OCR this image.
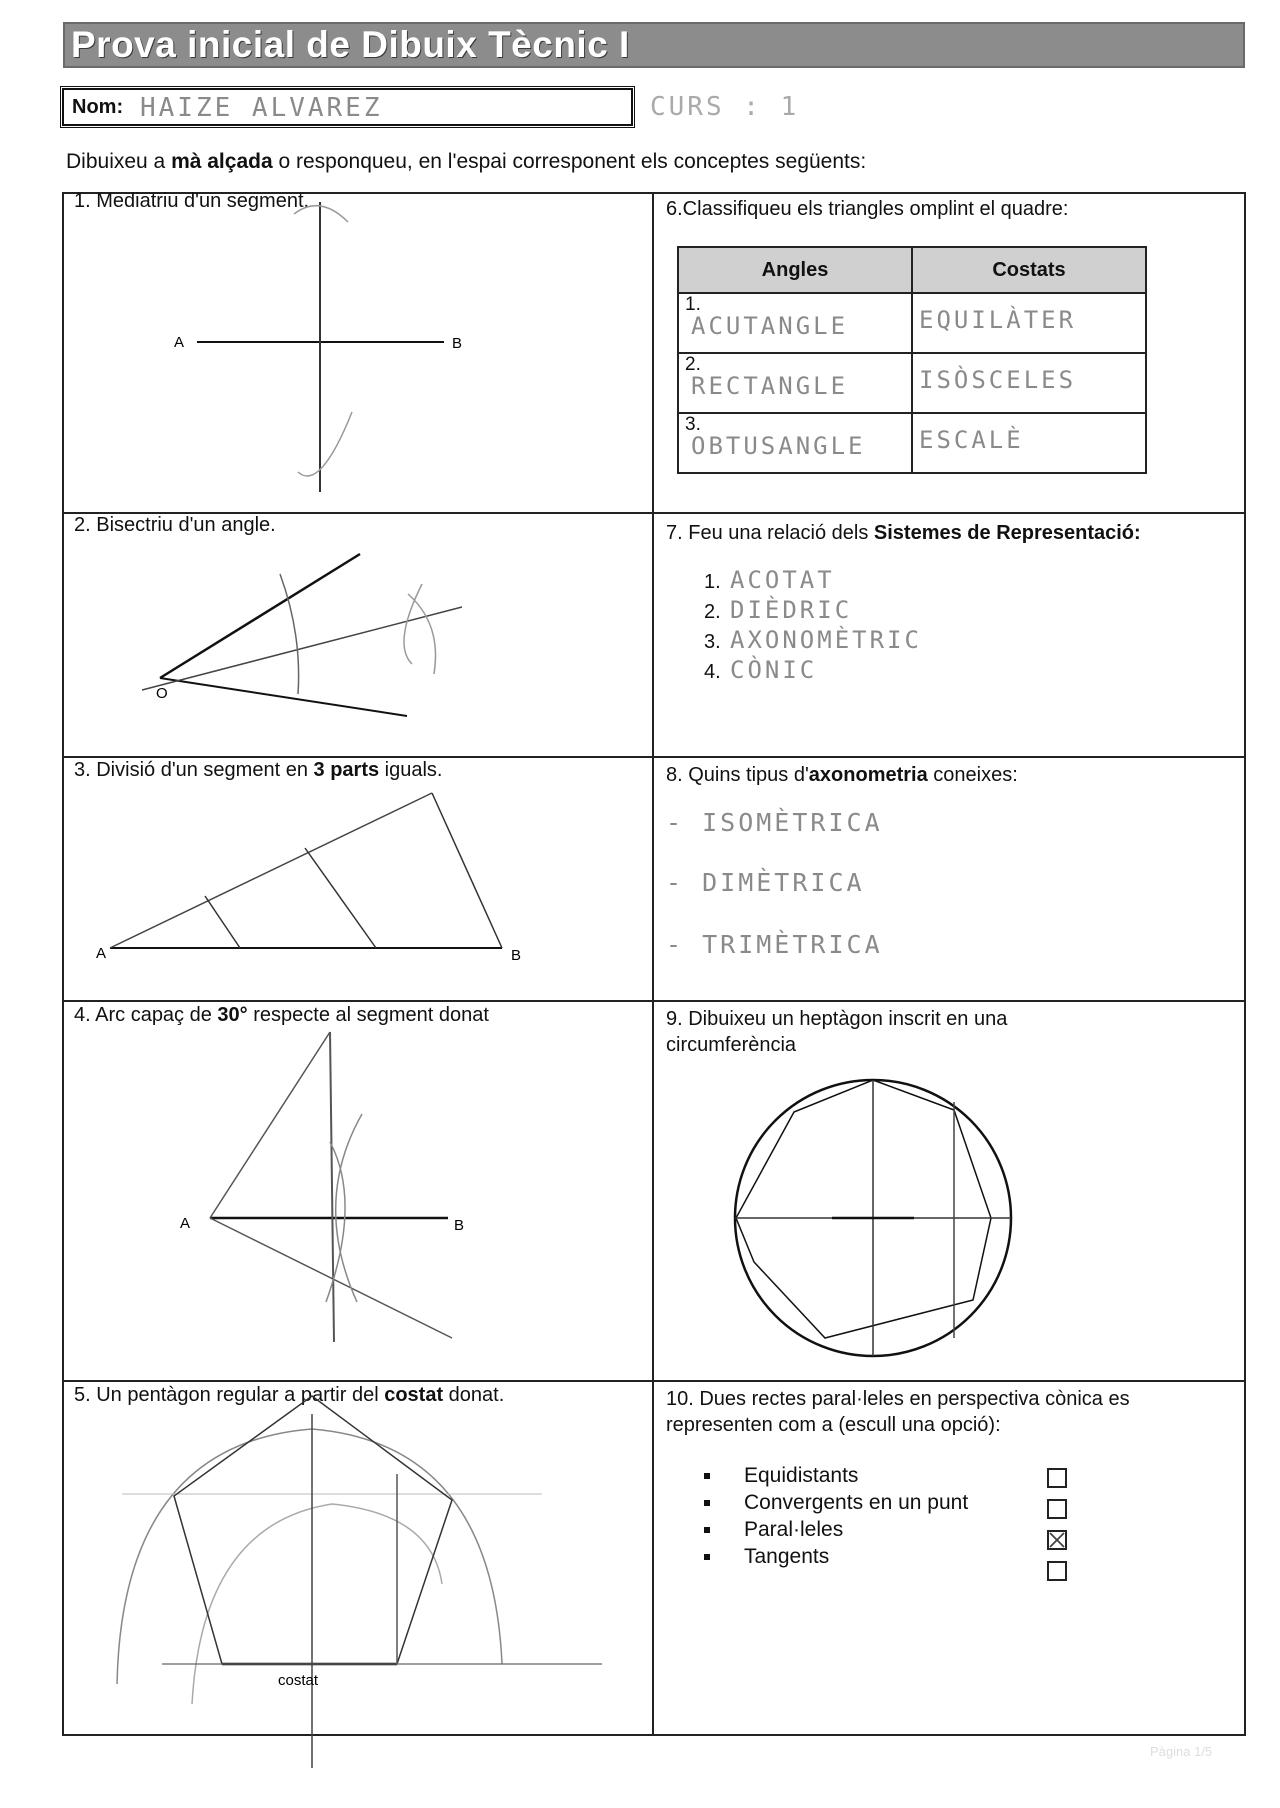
Prova inicial de Dibuix Tècnic I
Nom: HAIZE ALVAREZ	CURS : 1
Dibuixeu a mà alçada o responqueu, en l'espai corresponent els conceptes següents:
1. Mediatriu d'un segment.
A	B
6.Classifiqueu els triangles omplint el quadre:
Angles	Costats

1.
ACUTANGLE	EQUILÀTER

2.
RECTANGLE	ISÒSCELES

3.
OBTUSANGLE	ESCALÈ
2. Bisectriu d'un angle.
O
7. Feu una relació dels Sistemes de Representació:
1. ACOTAT
2. DIÈDRIC
3. AXONOMÈTRIC
4. CÒNIC
3. Divisió d'un segment en 3 parts iguals.
A	B
8. Quins tipus d'axonometria coneixes:
- ISOMÈTRICA
- DIMÈTRICA
- TRIMÈTRICA
4. Arc capaç de 30° respecte al segment donat
A	B
9. Dibuixeu un heptàgon inscrit en una
circumferència
5. Un pentàgon regular a partir del costat donat.
costat
10. Dues rectes paral·leles en perspectiva cònica es
representen com a (escull una opció):
Equidistants
Convergents en un punt
Paral·leles
Tangents
Pàgina 1/5
